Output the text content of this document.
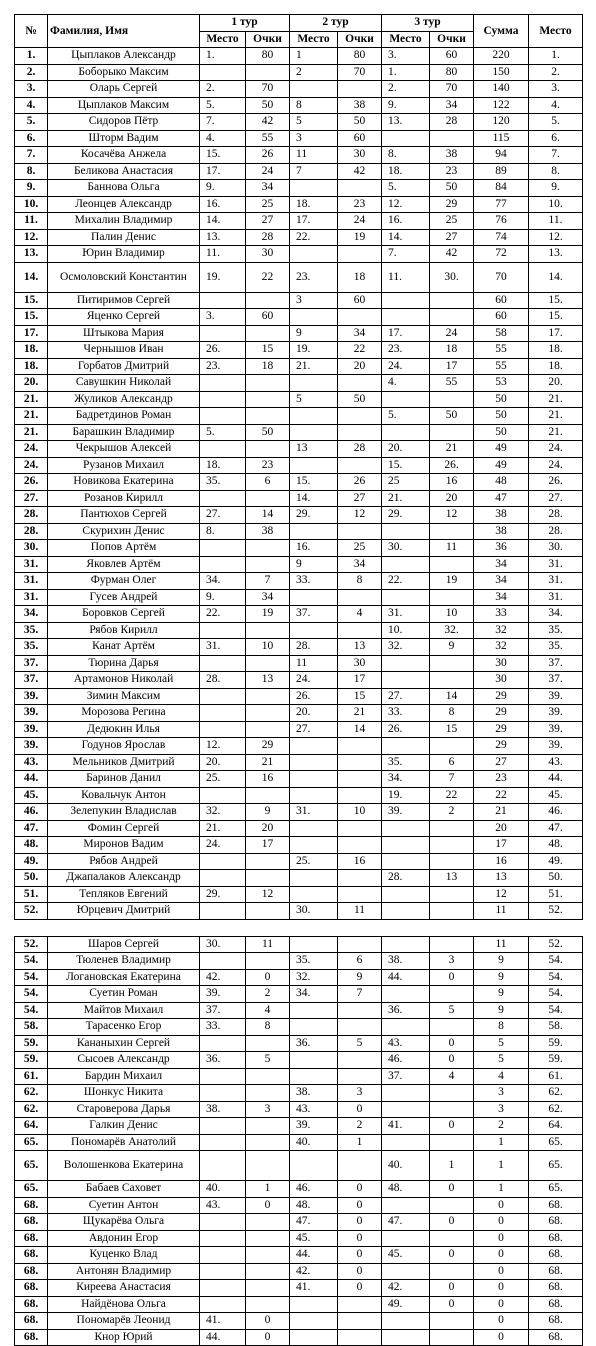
№	Фамилия, Имя	1 тур		2 тур		3 тур		Сумма	Место
		Место	Очки	Место	Очки	Место	Очки		
1.	Цыплаков Александр	1.	80	1	80	3.	60	220	1.
2.	Боборыко Максим			2	70	1.	80	150	2.
3.	Оларь Сергей	2.	70			2.	70	140	3.
4.	Цыплаков Максим	5.	50	8	38	9.	34	122	4.
5.	Сидоров Пётр	7.	42	5	50	13.	28	120	5.
6.	Шторм Вадим	4.	55	3	60			115	6.
7.	Косачёва Анжела	15.	26	11	30	8.	38	94	7.
8.	Беликова Анастасия	17.	24	7	42	18.	23	89	8.
9.	Баннова Ольга	9.	34			5.	50	84	9.
10.	Леонцев Александр	16.	25	18.	23	12.	29	77	10.
11.	Михалин Владимир	14.	27	17.	24	16.	25	76	11.
12.	Палин Денис	13.	28	22.	19	14.	27	74	12.
13.	Юрин Владимир	11.	30			7.	42	72	13.
14.	Осмоловский Константин	19.	22	23.	18	11.	30.	70	14.
15.	Питиримов Сергей			3	60			60	15.
15.	Яценко Сергей	3.	60					60	15.
17.	Штыкова Мария			9	34	17.	24	58	17.
18.	Чернышов Иван	26.	15	19.	22	23.	18	55	18.
18.	Горбатов Дмитрий	23.	18	21.	20	24.	17	55	18.
20.	Савушкин Николай					4.	55	53	20.
21.	Жуликов Александр			5	50			50	21.
21.	Бадретдинов Роман					5.	50	50	21.
21.	Барашкин Владимир	5.	50					50	21.
24.	Чекрышов Алексей			13	28	20.	21	49	24.
24.	Рузанов Михаил	18.	23			15.	26.	49	24.
26.	Новикова Екатерина	35.	6	15.	26	25	16	48	26.
27.	Розанов Кирилл			14.	27	21.	20	47	27.
28.	Пантюхов Сергей	27.	14	29.	12	29.	12	38	28.
28.	Скурихин Денис	8.	38					38	28.
30.	Попов Артём			16.	25	30.	11	36	30.
31.	Яковлев Артём			9	34			34	31.
31.	Фурман Олег	34.	7	33.	8	22.	19	34	31.
31.	Гусев Андрей	9.	34					34	31.
34.	Боровков Сергей	22.	19	37.	4	31.	10	33	34.
35.	Рябов Кирилл					10.	32.	32	35.
35.	Канат Артём	31.	10	28.	13	32.	9	32	35.
37.	Тюрина Дарья			11	30			30	37.
37.	Артамонов Николай	28.	13	24.	17			30	37.
39.	Зимин Максим			26.	15	27.	14	29	39.
39.	Морозова Регина			20.	21	33.	8	29	39.
39.	Дедюкин Илья			27.	14	26.	15	29	39.
39.	Годунов Ярослав	12.	29					29	39.
43.	Мельников Дмитрий	20.	21			35.	6	27	43.
44.	Баринов Данил	25.	16			34.	7	23	44.
45.	Ковальчук Антон					19.	22	22	45.
46.	Зелепукин Владислав	32.	9	31.	10	39.	2	21	46.
47.	Фомин Сергей	21.	20					20	47.
48.	Миронов Вадим	24.	17					17	48.
49.	Рябов Андрей			25.	16			16	49.
50.	Джапалаков Александр					28.	13	13	50.
51.	Тепляков Евгений	29.	12					12	51.
52.	Юрцевич Дмитрий			30.	11			11	52.
52.	Шаров Сергей	30.	11					11	52.
54.	Тюленев Владимир			35.	6	38.	3	9	54.
54.	Логановская Екатерина	42.	0	32.	9	44.	0	9	54.
54.	Суетин Роман	39.	2	34.	7			9	54.
54.	Майтов Михаил	37.	4			36.	5	9	54.
58.	Тарасенко Егор	33.	8					8	58.
59.	Кананыхин Сергей			36.	5	43.	0	5	59.
59.	Сысоев Александр	36.	5			46.	0	5	59.
61.	Бардин Михаил					37.	4	4	61.
62.	Шонкус Никита			38.	3			3	62.
62.	Староверова Дарья	38.	3	43.	0			3	62.
64.	Галкин Денис			39.	2	41.	0	2	64.
65.	Пономарёв Анатолий			40.	1			1	65.
65.	Волошенкова Екатерина					40.	1	1	65.
65.	Бабаев Саховет	40.	1	46.	0	48.	0	1	65.
68.	Суетин Антон	43.	0	48.	0			0	68.
68.	Щукарёва Ольга			47.	0	47.	0	0	68.
68.	Авдонин Егор			45.	0			0	68.
68.	Куценко Влад			44.	0	45.	0	0	68.
68.	Антонян Владимир			42.	0			0	68.
68.	Киреева Анастасия			41.	0	42.	0	0	68.
68.	Найдёнова Ольга					49.	0	0	68.
68.	Пономарёв Леонид	41.	0					0	68.
68.	Кнор Юрий	44.	0					0	68.
